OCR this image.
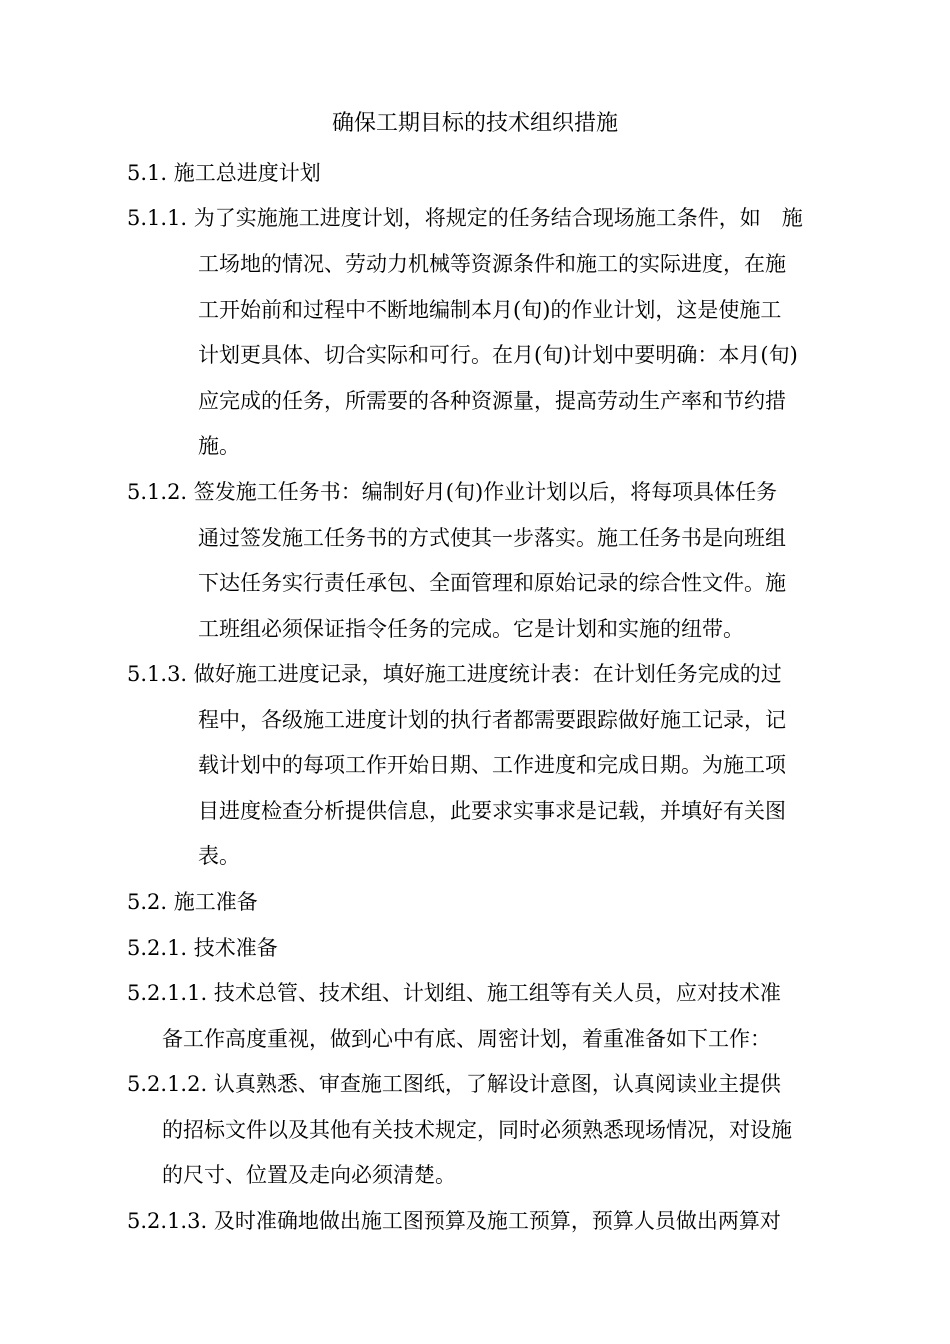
确保工期目标的技术组织措施
5.1. 施工总进度计划
5.1.1. 为了实施施工进度计划，将规定的任务结合现场施工条件，如　施
工场地的情况、劳动力机械等资源条件和施工的实际进度，在施
工开始前和过程中不断地编制本月(旬)的作业计划，这是使施工
计划更具体、切合实际和可行。在月(旬)计划中要明确：本月(旬)
应完成的任务，所需要的各种资源量，提高劳动生产率和节约措
施。
5.1.2. 签发施工任务书：编制好月(旬)作业计划以后，将每项具体任务
通过签发施工任务书的方式使其一步落实。施工任务书是向班组
下达任务实行责任承包、全面管理和原始记录的综合性文件。施
工班组必须保证指令任务的完成。它是计划和实施的纽带。
5.1.3. 做好施工进度记录，填好施工进度统计表：在计划任务完成的过
程中，各级施工进度计划的执行者都需要跟踪做好施工记录，记
载计划中的每项工作开始日期、工作进度和完成日期。为施工项
目进度检查分析提供信息，此要求实事求是记载，并填好有关图
表。
5.2. 施工准备
5.2.1. 技术准备
5.2.1.1. 技术总管、技术组、计划组、施工组等有关人员，应对技术准
备工作高度重视，做到心中有底、周密计划，着重准备如下工作：
5.2.1.2. 认真熟悉、审查施工图纸，了解设计意图，认真阅读业主提供
的招标文件以及其他有关技术规定，同时必须熟悉现场情况，对设施
的尺寸、位置及走向必须清楚。
5.2.1.3. 及时准确地做出施工图预算及施工预算，预算人员做出两算对
